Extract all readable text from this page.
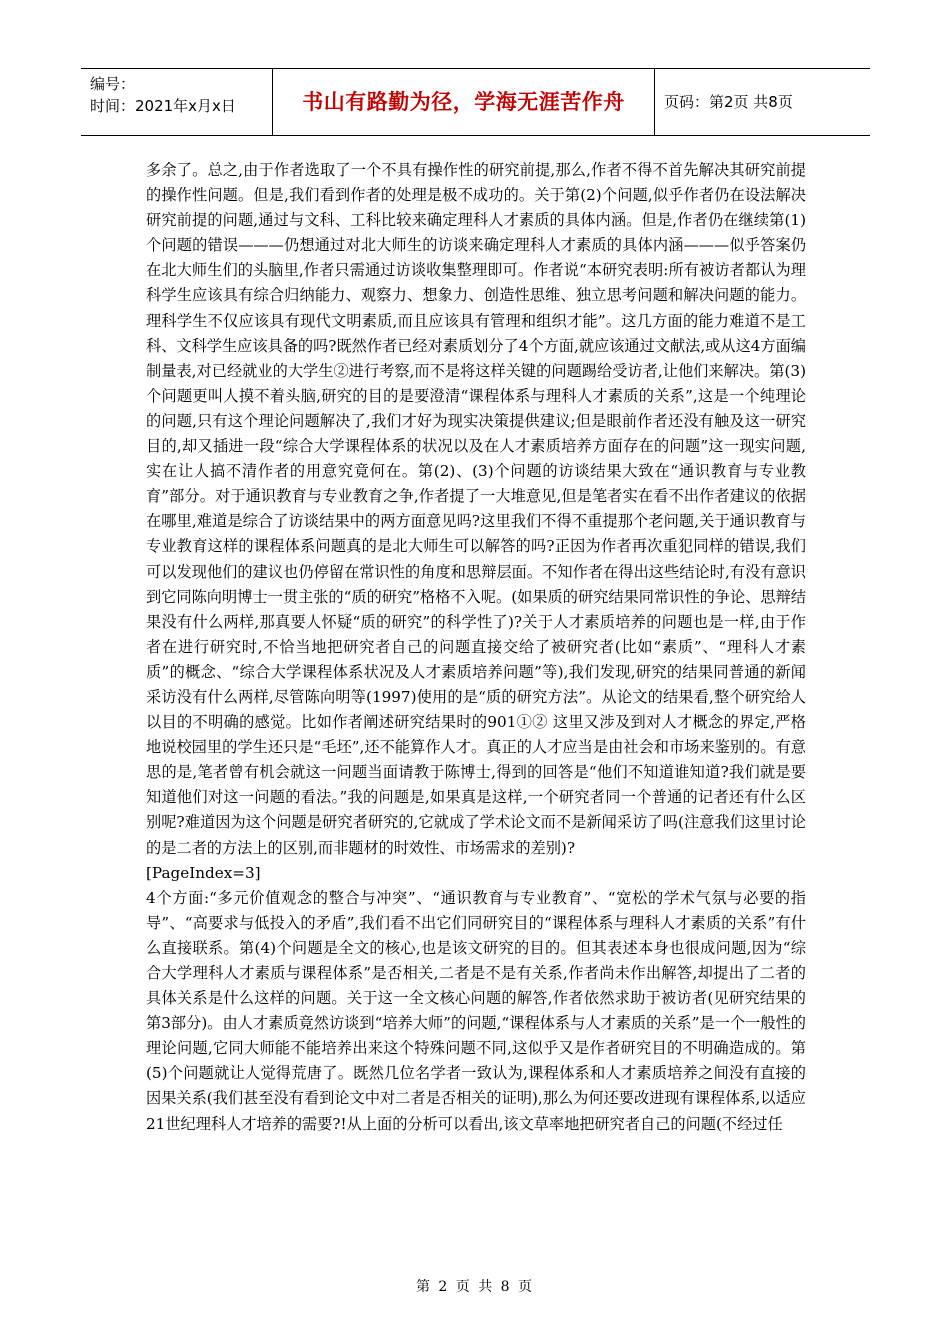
编号：
时间：2021年x月x日	书山有路勤为径，学海无涯苦作舟	页码：第2页 共8页

多余了。总之,由于作者选取了一个不具有操作性的研究前提,那么,作者不得不首先解决其研究前提的操作性问题。但是,我们看到作者的处理是极不成功的。关于第(2)个问题,似乎作者仍在设法解决研究前提的问题,通过与文科、工科比较来确定理科人才素质的具体内涵。但是,作者仍在继续第(1)个问题的错误———仍想通过对北大师生的访谈来确定理科人才素质的具体内涵———似乎答案仍在北大师生们的头脑里,作者只需通过访谈收集整理即可。作者说“本研究表明:所有被访者都认为理科学生应该具有综合归纳能力、观察力、想象力、创造性思维、独立思考问题和解决问题的能力。理科学生不仅应该具有现代文明素质,而且应该具有管理和组织才能”。这几方面的能力难道不是工科、文科学生应该具备的吗?既然作者已经对素质划分了4个方面,就应该通过文献法,或从这4方面编制量表,对已经就业的大学生②进行考察,而不是将这样关键的问题踢给受访者,让他们来解决。第(3)个问题更叫人摸不着头脑,研究的目的是要澄清“课程体系与理科人才素质的关系”,这是一个纯理论的问题,只有这个理论问题解决了,我们才好为现实决策提供建议;但是眼前作者还没有触及这一研究目的,却又插进一段“综合大学课程体系的状况以及在人才素质培养方面存在的问题”这一现实问题,实在让人搞不清作者的用意究竟何在。第(2)、(3)个问题的访谈结果大致在“通识教育与专业教育”部分。对于通识教育与专业教育之争,作者提了一大堆意见,但是笔者实在看不出作者建议的依据在哪里,难道是综合了访谈结果中的两方面意见吗?这里我们不得不重提那个老问题,关于通识教育与专业教育这样的课程体系问题真的是北大师生可以解答的吗?正因为作者再次重犯同样的错误,我们可以发现他们的建议也仍停留在常识性的角度和思辩层面。不知作者在得出这些结论时,有没有意识到它同陈向明博士一贯主张的“质的研究”格格不入呢。(如果质的研究结果同常识性的争论、思辩结果没有什么两样,那真要人怀疑“质的研究”的科学性了)?关于人才素质培养的问题也是一样,由于作者在进行研究时,不恰当地把研究者自己的问题直接交给了被研究者(比如“素质”、“理科人才素质”的概念、“综合大学课程体系状况及人才素质培养问题”等),我们发现,研究的结果同普通的新闻采访没有什么两样,尽管陈向明等(1997)使用的是“质的研究方法”。从论文的结果看,整个研究给人以目的不明确的感觉。比如作者阐述研究结果时的901①② 这里又涉及到对人才概念的界定,严格地说校园里的学生还只是“毛坯”,还不能算作人才。真正的人才应当是由社会和市场来鉴别的。有意思的是,笔者曾有机会就这一问题当面请教于陈博士,得到的回答是“他们不知道谁知道?我们就是要知道他们对这一问题的看法。”我的问题是,如果真是这样,一个研究者同一个普通的记者还有什么区别呢?难道因为这个问题是研究者研究的,它就成了学术论文而不是新闻采访了吗(注意我们这里讨论的是二者的方法上的区别,而非题材的时效性、市场需求的差别)?

[PageIndex=3]

4个方面:“多元价值观念的整合与冲突”、“通识教育与专业教育”、“宽松的学术气氛与必要的指导”、“高要求与低投入的矛盾”,我们看不出它们同研究目的“课程体系与理科人才素质的关系”有什么直接联系。第(4)个问题是全文的核心,也是该文研究的目的。但其表述本身也很成问题,因为“综合大学理科人才素质与课程体系”是否相关,二者是不是有关系,作者尚未作出解答,却提出了二者的具体关系是什么这样的问题。关于这一全文核心问题的解答,作者依然求助于被访者(见研究结果的第3部分)。由人才素质竟然访谈到“培养大师”的问题,“课程体系与人才素质的关系”是一个一般性的理论问题,它同大师能不能培养出来这个特殊问题不同,这似乎又是作者研究目的不明确造成的。第(5)个问题就让人觉得荒唐了。既然几位名学者一致认为,课程体系和人才素质培养之间没有直接的因果关系(我们甚至没有看到论文中对二者是否相关的证明),那么为何还要改进现有课程体系,以适应21世纪理科人才培养的需要?!从上面的分析可以看出,该文草率地把研究者自己的问题(不经过任

第 2 页 共 8 页
